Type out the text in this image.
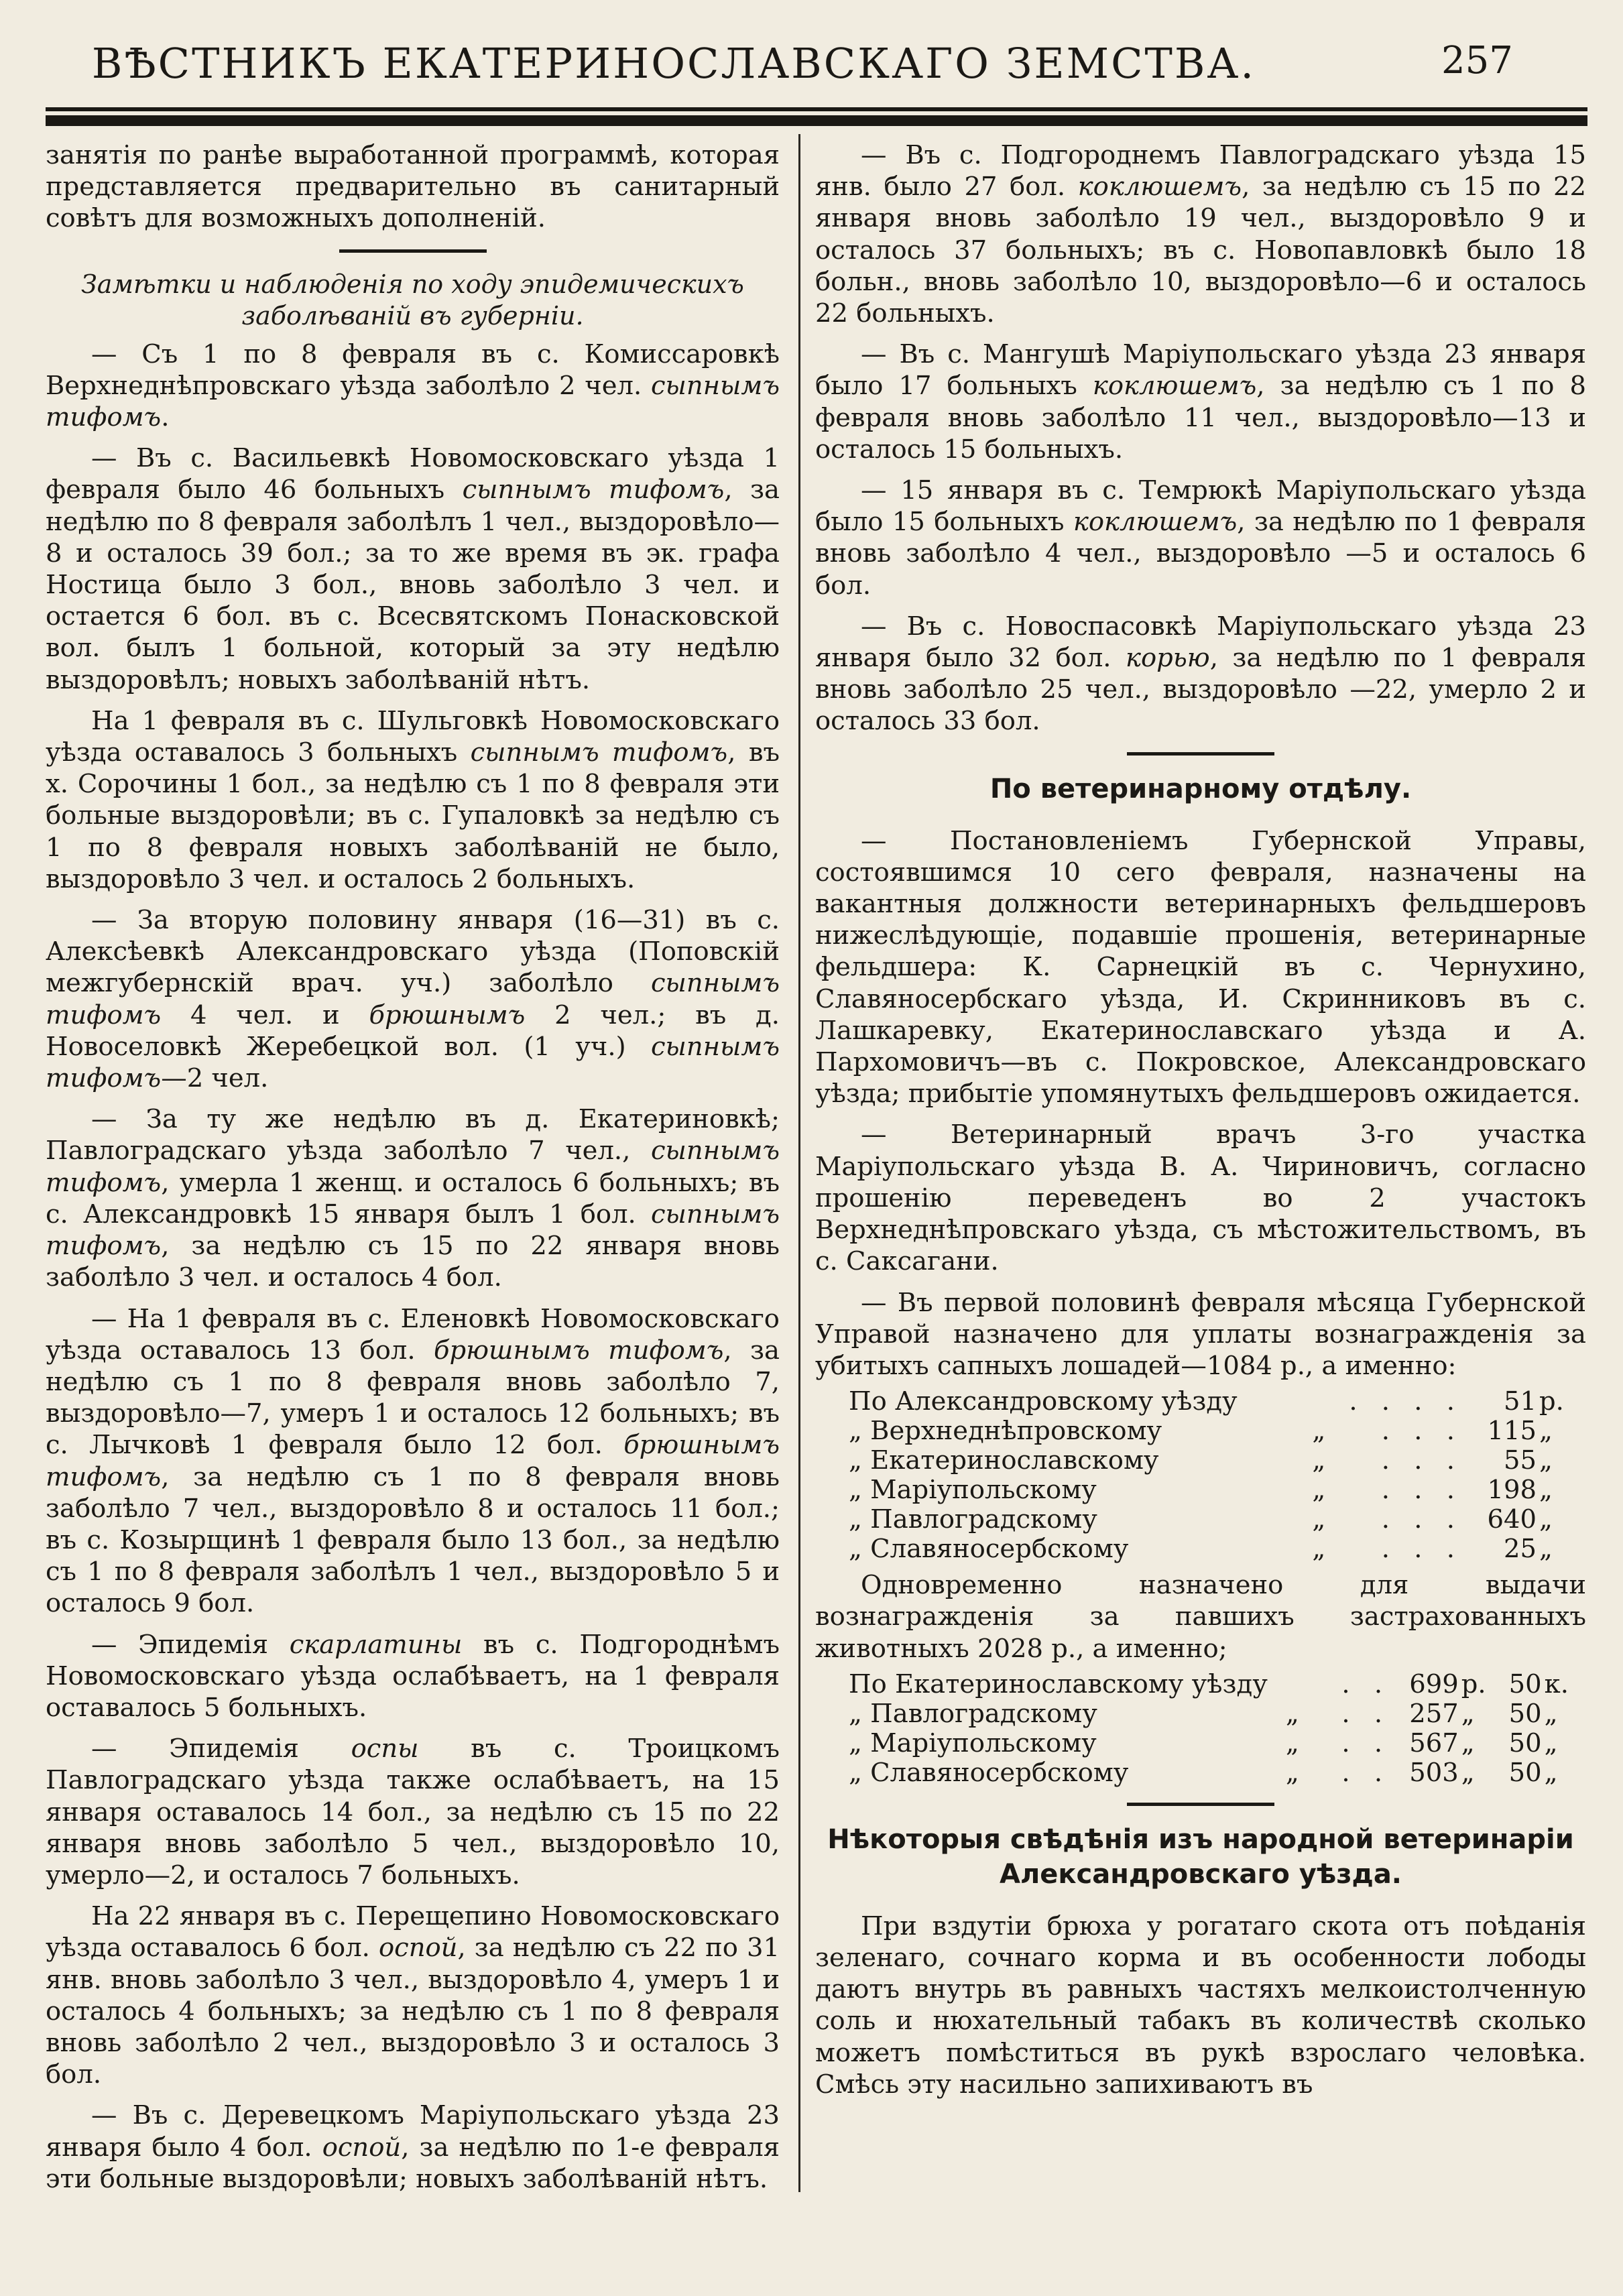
ВѢСТНИКЪ ЕКАТЕРИНОСЛАВСКАГО ЗЕМСТВА.	257

занятія по ранѣе выработанной программѣ, которая представляется предварительно въ санитарный совѣтъ для возможныхъ дополненій.

Замѣтки и наблюденія по ходу эпидемическихъ заболѣваній въ губерніи.

— Съ 1 по 8 февраля въ с. Комиссаровкѣ Верхнеднѣпровскаго уѣзда заболѣло 2 чел. сыпнымъ тифомъ.

— Въ с. Васильевкѣ Новомосковскаго уѣзда 1 февраля было 46 больныхъ сыпнымъ тифомъ, за недѣлю по 8 февраля заболѣлъ 1 чел., выздоровѣло—8 и осталось 39 бол.; за то же время въ эк. графа Ностица было 3 бол., вновь заболѣло 3 чел. и остается 6 бол. въ с. Всесвятскомъ Понасковской вол. былъ 1 больной, который за эту недѣлю выздоровѣлъ; новыхъ заболѣваній нѣтъ.

На 1 февраля въ с. Шульговкѣ Новомосковскаго уѣзда оставалось 3 больныхъ сыпнымъ тифомъ, въ х. Сорочины 1 бол., за недѣлю съ 1 по 8 февраля эти больные выздоровѣли; въ с. Гупаловкѣ за недѣлю съ 1 по 8 февраля новыхъ заболѣваній не было, выздоровѣло 3 чел. и осталось 2 больныхъ.

— За вторую половину января (16—31) въ с. Алексѣевкѣ Александровскаго уѣзда (Поповскій межгубернскій врач. уч.) заболѣло сыпнымъ тифомъ 4 чел. и брюшнымъ 2 чел.; въ д. Новоселовкѣ Жеребецкой вол. (1 уч.) сыпнымъ тифомъ—2 чел.

— За ту же недѣлю въ д. Екатериновкѣ; Павлоградскаго уѣзда заболѣло 7 чел., сыпнымъ тифомъ, умерла 1 женщ. и осталось 6 больныхъ; въ с. Александровкѣ 15 января былъ 1 бол. сыпнымъ тифомъ, за недѣлю съ 15 по 22 января вновь заболѣло 3 чел. и осталось 4 бол.

— На 1 февраля въ с. Еленовкѣ Новомосковскаго уѣзда оставалось 13 бол. брюшнымъ тифомъ, за недѣлю съ 1 по 8 февраля вновь заболѣло 7, выздоровѣло—7, умеръ 1 и осталось 12 больныхъ; въ с. Лычковѣ 1 февраля было 12 бол. брюшнымъ тифомъ, за недѣлю съ 1 по 8 февраля вновь заболѣло 7 чел., выздоровѣло 8 и осталось 11 бол.; въ с. Козырщинѣ 1 февраля было 13 бол., за недѣлю съ 1 по 8 февраля заболѣлъ 1 чел., выздоровѣло 5 и осталось 9 бол.

— Эпидемія скарлатины въ с. Подгороднѣмъ Новомосковскаго уѣзда ослабѣваетъ, на 1 февраля оставалось 5 больныхъ.

— Эпидемія оспы въ с. Троицкомъ Павлоградскаго уѣзда также ослабѣваетъ, на 15 января оставалось 14 бол., за недѣлю съ 15 по 22 января вновь заболѣло 5 чел., выздоровѣло 10, умерло—2, и осталось 7 больныхъ.

На 22 января въ с. Перещепино Новомосковскаго уѣзда оставалось 6 бол. оспой, за недѣлю съ 22 по 31 янв. вновь заболѣло 3 чел., выздоровѣло 4, умеръ 1 и осталось 4 больныхъ; за недѣлю съ 1 по 8 февраля вновь заболѣло 2 чел., выздоровѣло 3 и осталось 3 бол.

— Въ с. Деревецкомъ Маріупольскаго уѣзда 23 января было 4 бол. оспой, за недѣлю по 1-е февраля эти больные выздоровѣли; новыхъ заболѣваній нѣтъ.

— Въ с. Подгороднемъ Павлоградскаго уѣзда 15 янв. было 27 бол. коклюшемъ, за недѣлю съ 15 по 22 января вновь заболѣло 19 чел., выздоровѣло 9 и осталось 37 больныхъ; въ с. Новопавловкѣ было 18 больн., вновь заболѣло 10, выздоровѣло—6 и осталось 22 больныхъ.

— Въ с. Мангушѣ Маріупольскаго уѣзда 23 января было 17 больныхъ коклюшемъ, за недѣлю съ 1 по 8 февраля вновь заболѣло 11 чел., выздоровѣло—13 и осталось 15 больныхъ.

— 15 января въ с. Темрюкѣ Маріупольскаго уѣзда было 15 больныхъ коклюшемъ, за недѣлю по 1 февраля вновь заболѣло 4 чел., выздоровѣло —5 и осталось 6 бол.

— Въ с. Новоспасовкѣ Маріупольскаго уѣзда 23 января было 32 бол. корью, за недѣлю по 1 февраля вновь заболѣло 25 чел., выздоровѣло —22, умерло 2 и осталось 33 бол.

По ветеринарному отдѣлу.

— Постановленіемъ Губернской Управы, состоявшимся 10 сего февраля, назначены на вакантныя должности ветеринарныхъ фельдшеровъ нижеслѣдующіе, подавшіе прошенія, ветеринарные фельдшера: К. Сарнецкій въ с. Чернухино, Славяносербскаго уѣзда, И. Скринниковъ въ с. Лашкаревку, Екатеринославскаго уѣзда и А. Пархомовичъ—въ с. Покровское, Александровскаго уѣзда; прибытіе упомянутыхъ фельдшеровъ ожидается.

— Ветеринарный врачъ 3-го участка Маріупольскаго уѣзда В. А. Чириновичъ, согласно прошенію переведенъ во 2 участокъ Верхнеднѣпровскаго уѣзда, съ мѣстожительствомъ, въ с. Саксагани.

— Въ первой половинѣ февраля мѣсяца Губернской Управой назначено для уплаты вознагражденія за убитыхъ сапныхъ лошадей—1084 р., а именно:

По Александровскому уѣзду		. . . .	51	р.
„ Верхнеднѣпровскому	„	. . .	115	„
„ Екатеринославскому	„	. . .	55	„
„ Маріупольскому	„	. . .	198	„
„ Павлоградскому	„	. . .	640	„
„ Славяносербскому	„	. . .	25	„

Одновременно назначено для выдачи вознагражденія за павшихъ застрахованныхъ животныхъ 2028 р., а именно;

По Екатеринославскому уѣзду		. .	699	р.	50	к.
„ Павлоградскому	„	. .	257	„	50	„
„ Маріупольскому	„	. .	567	„	50	„
„ Славяносербскому	„	. .	503	„	50	„
Нѣкоторыя свѣдѣнія изъ народной ветеринаріи
Александровскаго уѣзда.

При вздутіи брюха у рогатаго скота отъ поѣданія зеленаго, сочнаго корма и въ особенности лободы даютъ внутрь въ равныхъ частяхъ мелкоистолченную соль и нюхательный табакъ въ количествѣ сколько можетъ помѣститься въ рукѣ взрослаго человѣка. Смѣсь эту насильно запихиваютъ въ
